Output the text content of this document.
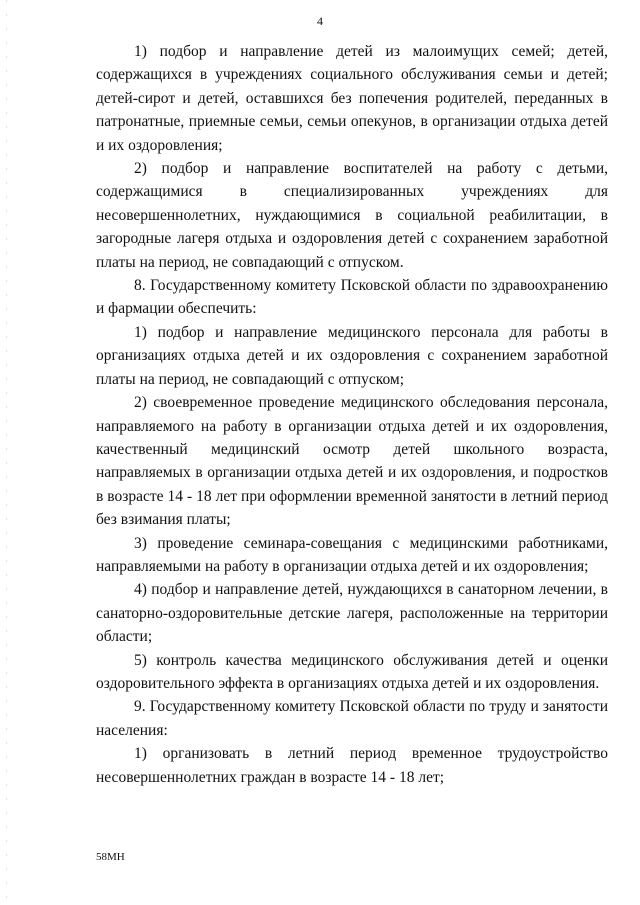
4

1) подбор и направление детей из малоимущих семей; детей, содержащихся в учреждениях социального обслуживания семьи и детей; детей-сирот и детей, оставшихся без попечения родителей, переданных в патронатные, приемные семьи, семьи опекунов, в организации отдыха детей и их оздоровления;

2) подбор и направление воспитателей на работу с детьми, содержащимися в специализированных учреждениях для несовершеннолетних, нуждающимися в социальной реабилитации, в загородные лагеря отдыха и оздоровления детей с сохранением заработной платы на период, не совпадающий с отпуском.

8. Государственному комитету Псковской области по здравоохранению и фармации обеспечить:

1) подбор и направление медицинского персонала для работы в организациях отдыха детей и их оздоровления с сохранением заработной платы на период, не совпадающий с отпуском;

2) своевременное проведение медицинского обследования персонала, направляемого на работу в организации отдыха детей и их оздоровления, качественный медицинский осмотр детей школьного возраста, направляемых в организации отдыха детей и их оздоровления, и подростков в возрасте 14 - 18 лет при оформлении временной занятости в летний период без взимания платы;

3) проведение семинара-совещания с медицинскими работниками, направляемыми на работу в организации отдыха детей и их оздоровления;

4) подбор и направление детей, нуждающихся в санаторном лечении, в санаторно-оздоровительные детские лагеря, расположенные на территории области;

5) контроль качества медицинского обслуживания детей и оценки оздоровительного эффекта в организациях отдыха детей и их оздоровления.

9. Государственному комитету Псковской области по труду и занятости населения:

1) организовать в летний период временное трудоустройство несовершеннолетних граждан в возрасте 14 - 18 лет;

58МН
